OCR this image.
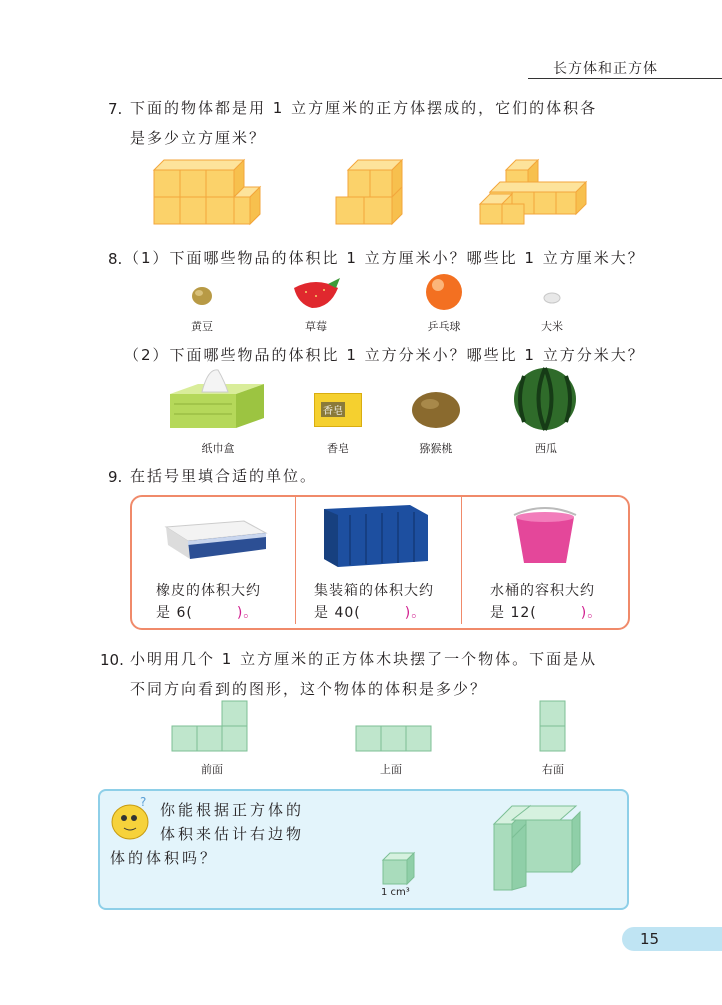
长方体和正方体
7. 下面的物体都是用 1 立方厘米的正方体摆成的，它们的体积各
是多少立方厘米？
8. （1）下面哪些物品的体积比 1 立方厘米小？哪些比 1 立方厘米大？
黄豆	草莓	乒乓球	大米
（2）下面哪些物品的体积比 1 立方分米小？哪些比 1 立方分米大？
香皂
纸巾盒	香皂	猕猴桃	西瓜
9. 在括号里填合适的单位。
橡皮的体积大约
是 6(	)。
集装箱的体积大约
是 40(	)。
水桶的容积大约
是 12(	)。
10. 小明用几个 1 立方厘米的正方体木块摆了一个物体。下面是从
不同方向看到的图形，这个物体的体积是多少？
前面	上面	右面
? 你能根据正方体的
体积来估计右边物
体的体积吗？
1 cm³
15
